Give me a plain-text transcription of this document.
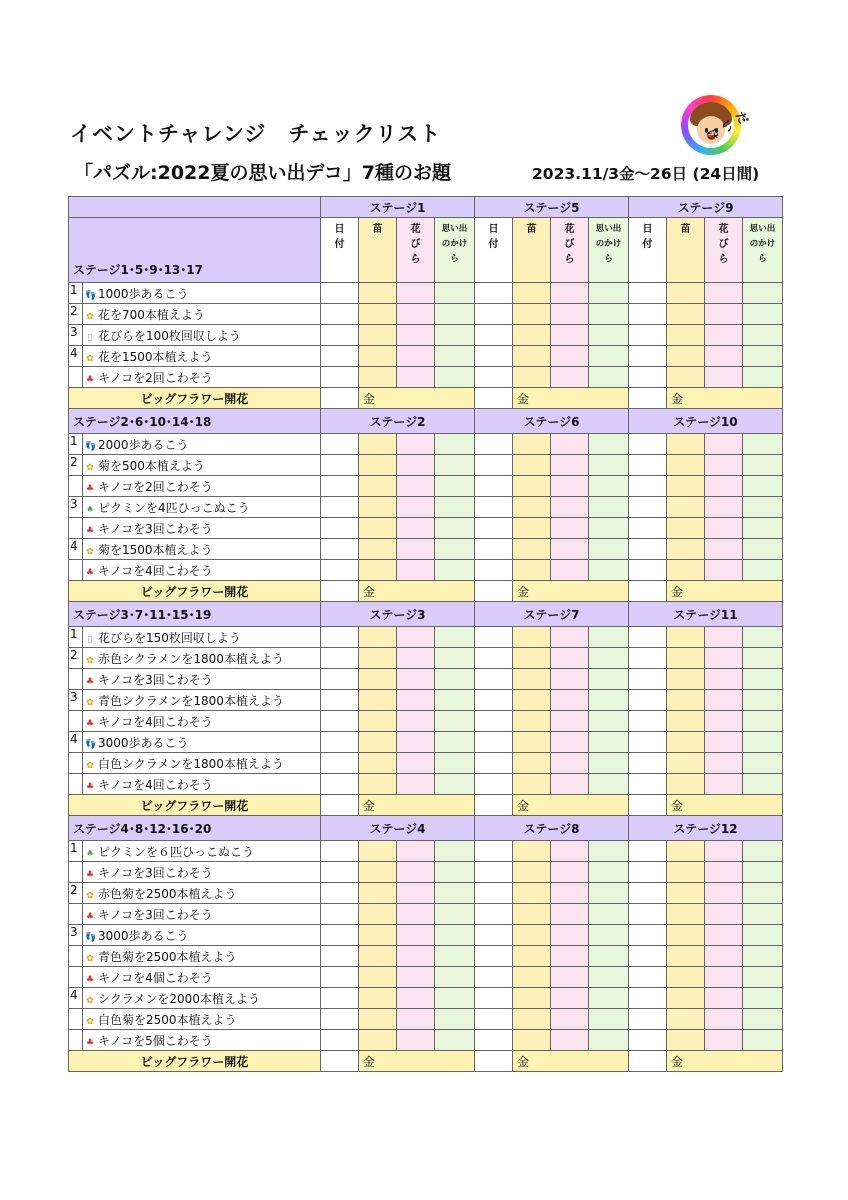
イベントチャレンジ　チェックリスト
「パズル:2022夏の思い出デコ」7種のお題	2023.11/3金〜26日 (24日間)
だいけ
		ステージ1				ステージ5				ステージ9			
ステージ1･5･9･13･17		日付	苗	花びら	思い出のかけら	日付	苗	花びら	思い出のかけら	日付	苗	花びら	思い出のかけら

1	👣 1000歩あるこう												
2	✿ 花を700本植えよう												
3	▯ 花びらを100枚回収しよう												
4	✿ 花を1500本植えよう												
	♣ キノコを2回こわそう												
ビッグフラワー開花			金				金				金		
ステージ2･6･10･14･18		ステージ2				ステージ6				ステージ10			
1	👣 2000歩あるこう												
2	✿ 菊を500本植えよう												
	♣ キノコを2回こわそう												
3	♠ ピクミンを4匹ひっこぬこう												
	♣ キノコを3回こわそう												
4	✿ 菊を1500本植えよう												
	♣ キノコを4回こわそう												
ビッグフラワー開花			金				金				金		
ステージ3･7･11･15･19		ステージ3				ステージ7				ステージ11			
1	▯ 花びらを150枚回収しよう												
2	✿ 赤色シクラメンを1800本植えよう												
	♣ キノコを3回こわそう												
3	✿ 青色シクラメンを1800本植えよう												
	♣ キノコを4回こわそう												
4	👣 3000歩あるこう												
	✿ 白色シクラメンを1800本植えよう												
	♣ キノコを4回こわそう												
ビッグフラワー開花			金				金				金		
ステージ4･8･12･16･20		ステージ4				ステージ8				ステージ12			
1	♠ ピクミンを６匹ひっこぬこう												
	♣ キノコを3回こわそう												
2	✿ 赤色菊を2500本植えよう												
	♣ キノコを3回こわそう												
3	👣 3000歩あるこう												
	✿ 青色菊を2500本植えよう												
	♣ キノコを4個こわそう												
4	✿ シクラメンを2000本植えよう												
	✿ 白色菊を2500本植えよう												
	♣ キノコを5個こわそう												
ビッグフラワー開花			金				金				金		
